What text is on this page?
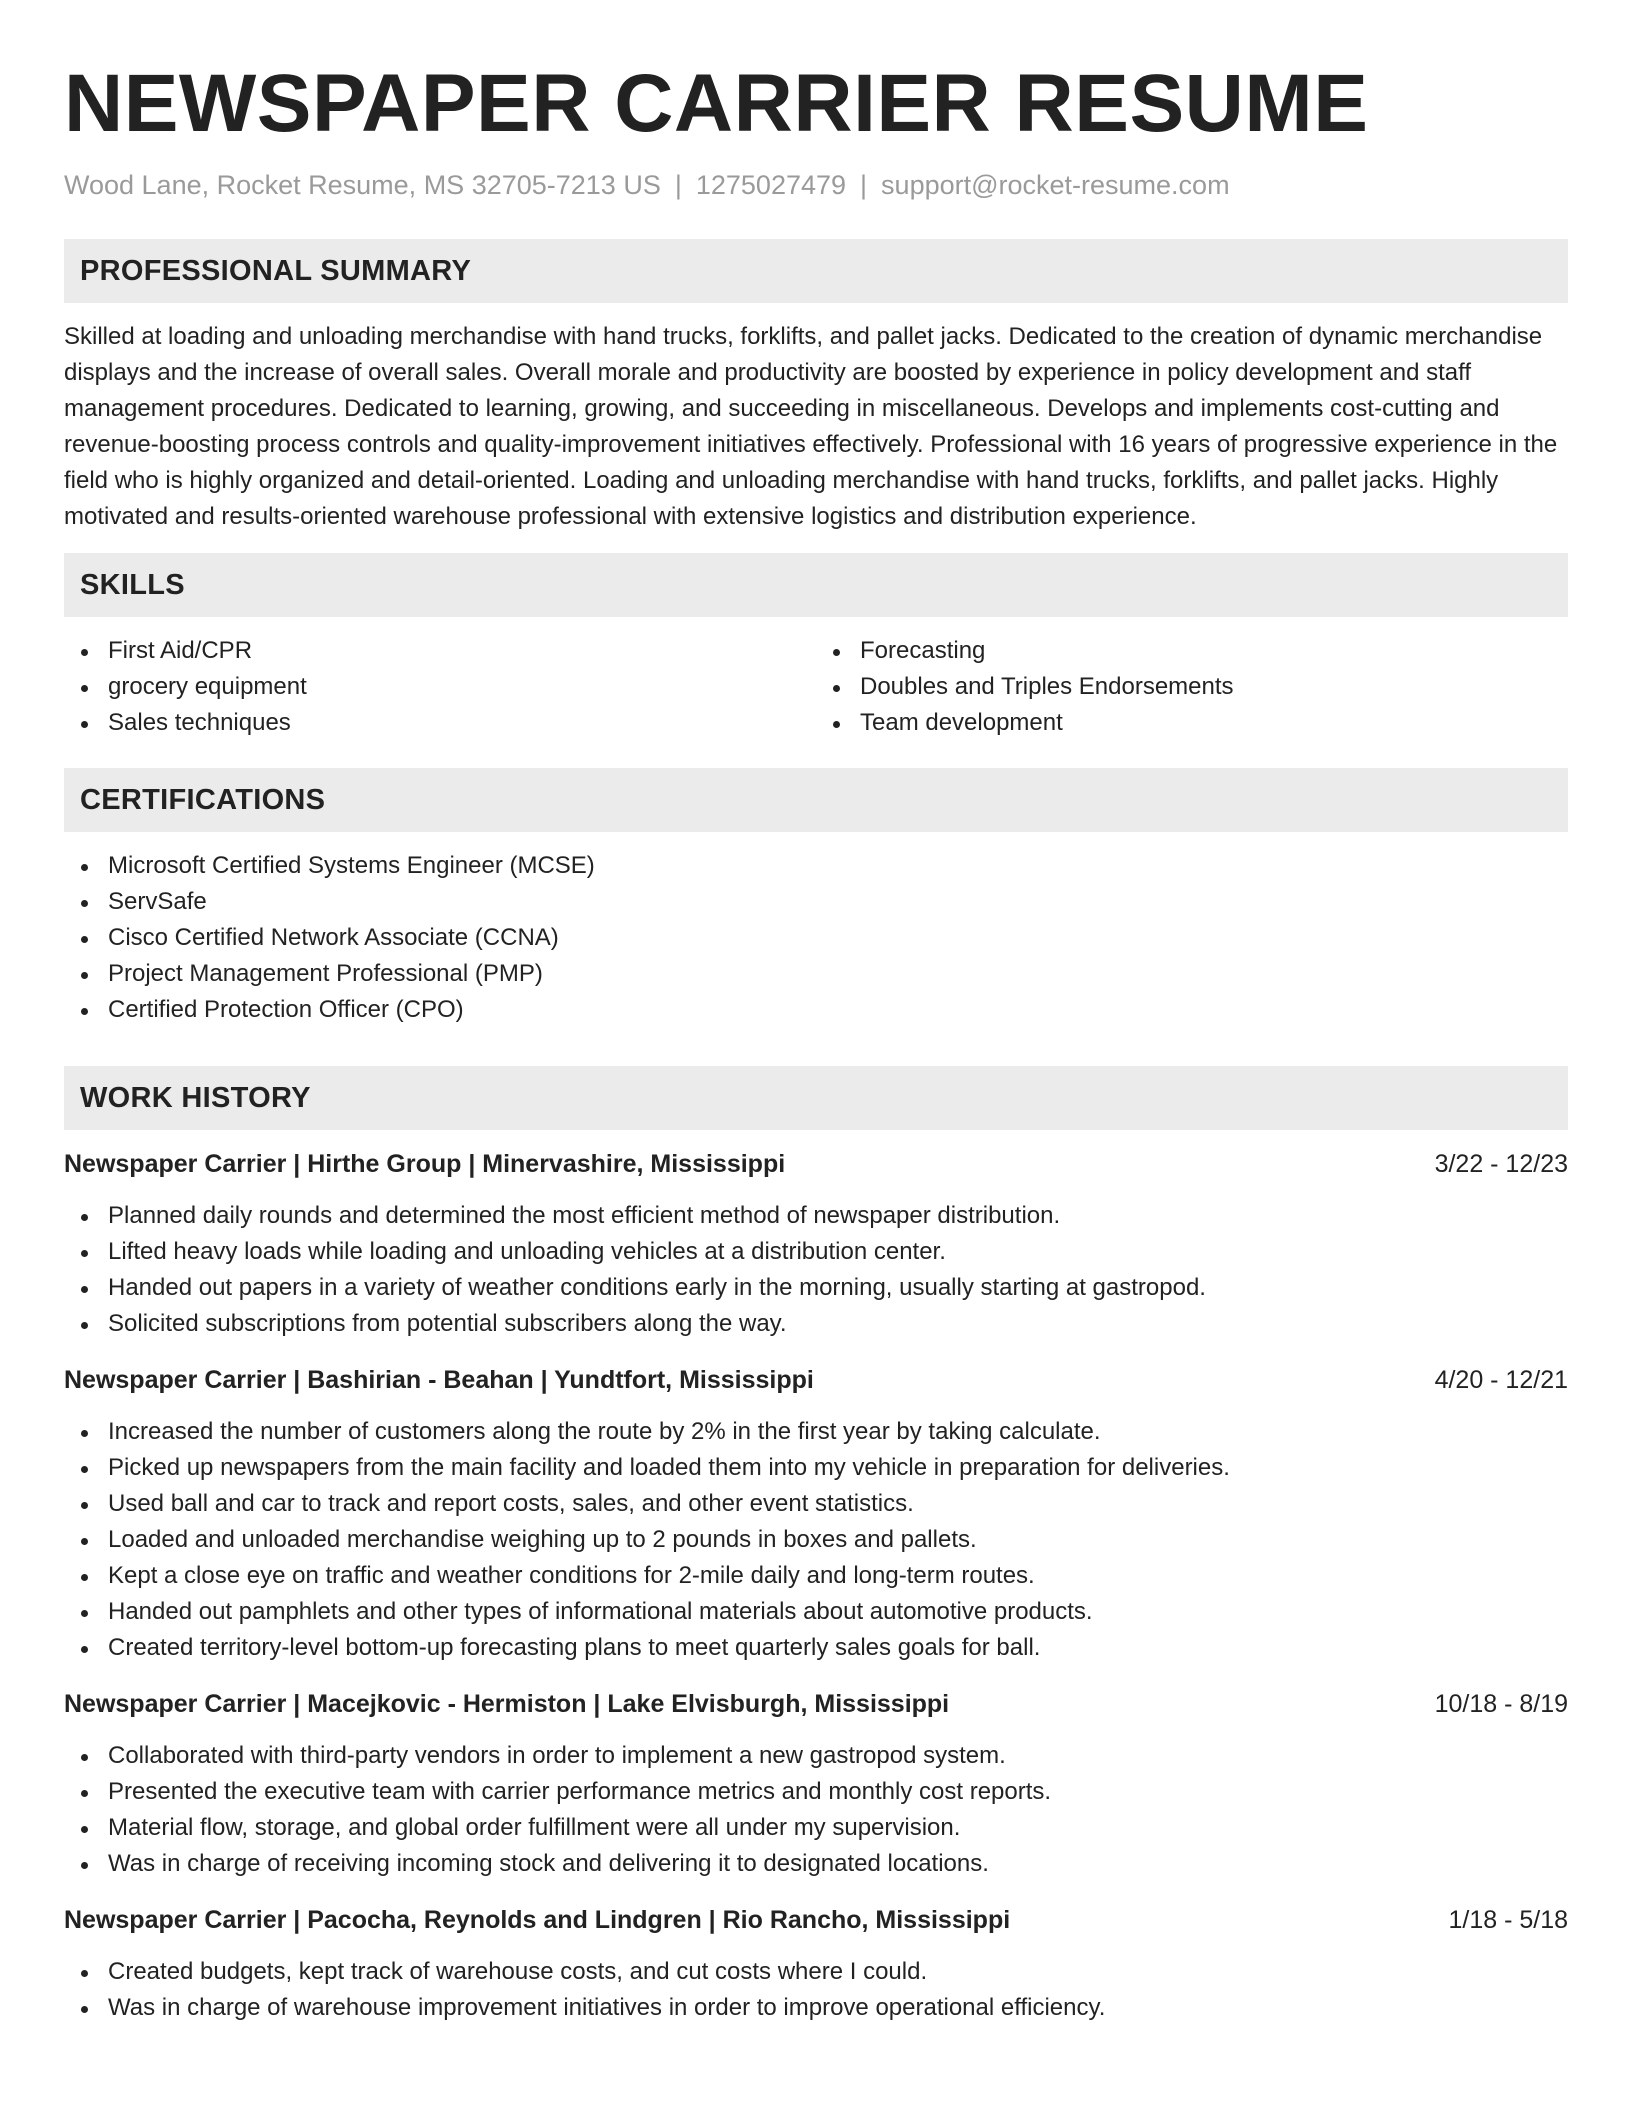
NEWSPAPER CARRIER RESUME
Wood Lane, Rocket Resume, MS 32705-7213 US | 1275027479 | support@rocket-resume.com
PROFESSIONAL SUMMARY

Skilled at loading and unloading merchandise with hand trucks, forklifts, and pallet jacks. Dedicated to the creation of dynamic merchandise displays and the increase of overall sales. Overall morale and productivity are boosted by experience in policy development and staff management procedures. Dedicated to learning, growing, and succeeding in miscellaneous. Develops and implements cost-cutting and revenue-boosting process controls and quality-improvement initiatives effectively. Professional with 16 years of progressive experience in the field who is highly organized and detail-oriented. Loading and unloading merchandise with hand trucks, forklifts, and pallet jacks. Highly motivated and results-oriented warehouse professional with extensive logistics and distribution experience.

SKILLS
First Aid/CPR
grocery equipment
Sales techniques
Forecasting
Doubles and Triples Endorsements
Team development
CERTIFICATIONS
Microsoft Certified Systems Engineer (MCSE)
ServSafe
Cisco Certified Network Associate (CCNA)
Project Management Professional (PMP)
Certified Protection Officer (CPO)
WORK HISTORY
Newspaper Carrier | Hirthe Group | Minervashire, Mississippi	3/22 - 12/23
Planned daily rounds and determined the most efficient method of newspaper distribution.
Lifted heavy loads while loading and unloading vehicles at a distribution center.
Handed out papers in a variety of weather conditions early in the morning, usually starting at gastropod.
Solicited subscriptions from potential subscribers along the way.
Newspaper Carrier | Bashirian - Beahan | Yundtfort, Mississippi	4/20 - 12/21
Increased the number of customers along the route by 2% in the first year by taking calculate.
Picked up newspapers from the main facility and loaded them into my vehicle in preparation for deliveries.
Used ball and car to track and report costs, sales, and other event statistics.
Loaded and unloaded merchandise weighing up to 2 pounds in boxes and pallets.
Kept a close eye on traffic and weather conditions for 2-mile daily and long-term routes.
Handed out pamphlets and other types of informational materials about automotive products.
Created territory-level bottom-up forecasting plans to meet quarterly sales goals for ball.
Newspaper Carrier | Macejkovic - Hermiston | Lake Elvisburgh, Mississippi	10/18 - 8/19
Collaborated with third-party vendors in order to implement a new gastropod system.
Presented the executive team with carrier performance metrics and monthly cost reports.
Material flow, storage, and global order fulfillment were all under my supervision.
Was in charge of receiving incoming stock and delivering it to designated locations.
Newspaper Carrier | Pacocha, Reynolds and Lindgren | Rio Rancho, Mississippi	1/18 - 5/18
Created budgets, kept track of warehouse costs, and cut costs where I could.
Was in charge of warehouse improvement initiatives in order to improve operational efficiency.
